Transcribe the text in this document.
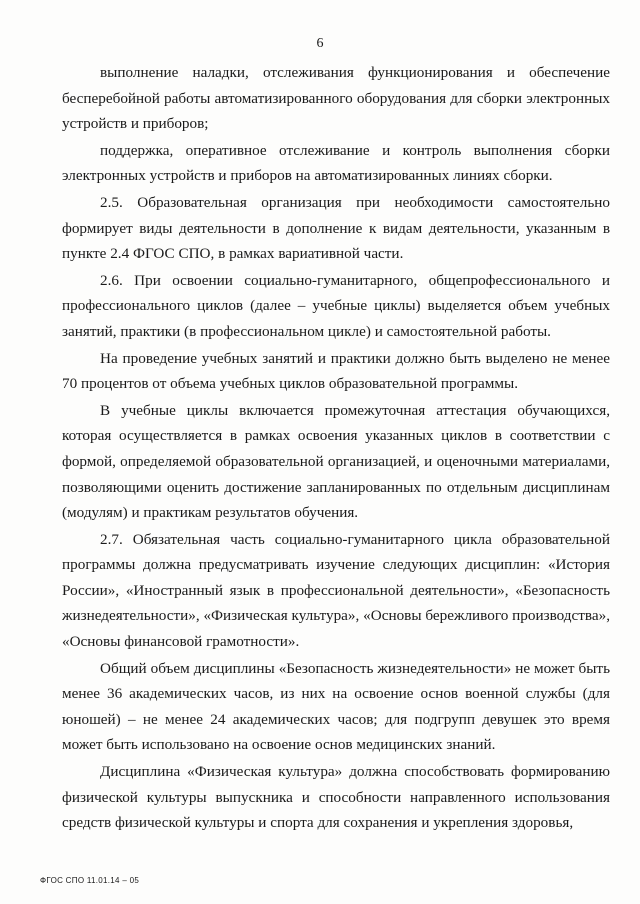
6

выполнение наладки, отслеживания функционирования и обеспечение бесперебойной работы автоматизированного оборудования для сборки электронных устройств и приборов;

поддержка, оперативное отслеживание и контроль выполнения сборки электронных устройств и приборов на автоматизированных линиях сборки.

2.5. Образовательная организация при необходимости самостоятельно формирует виды деятельности в дополнение к видам деятельности, указанным в пункте 2.4 ФГОС СПО, в рамках вариативной части.

2.6. При освоении социально-гуманитарного, общепрофессионального и профессионального циклов (далее – учебные циклы) выделяется объем учебных занятий, практики (в профессиональном цикле) и самостоятельной работы.

На проведение учебных занятий и практики должно быть выделено не менее 70 процентов от объема учебных циклов образовательной программы.

В учебные циклы включается промежуточная аттестация обучающихся, которая осуществляется в рамках освоения указанных циклов в соответствии с формой, определяемой образовательной организацией, и оценочными материалами, позволяющими оценить достижение запланированных по отдельным дисциплинам (модулям) и практикам результатов обучения.

2.7. Обязательная часть социально-гуманитарного цикла образовательной программы должна предусматривать изучение следующих дисциплин: «История России», «Иностранный язык в профессиональной деятельности», «Безопасность жизнедеятельности», «Физическая культура», «Основы бережливого производства», «Основы финансовой грамотности».

Общий объем дисциплины «Безопасность жизнедеятельности» не может быть менее 36 академических часов, из них на освоение основ военной службы (для юношей) – не менее 24 академических часов; для подгрупп девушек это время может быть использовано на освоение основ медицинских знаний.

Дисциплина «Физическая культура» должна способствовать формированию физической культуры выпускника и способности направленного использования средств физической культуры и спорта для сохранения и укрепления здоровья,

ФГОС СПО 11.01.14 – 05
